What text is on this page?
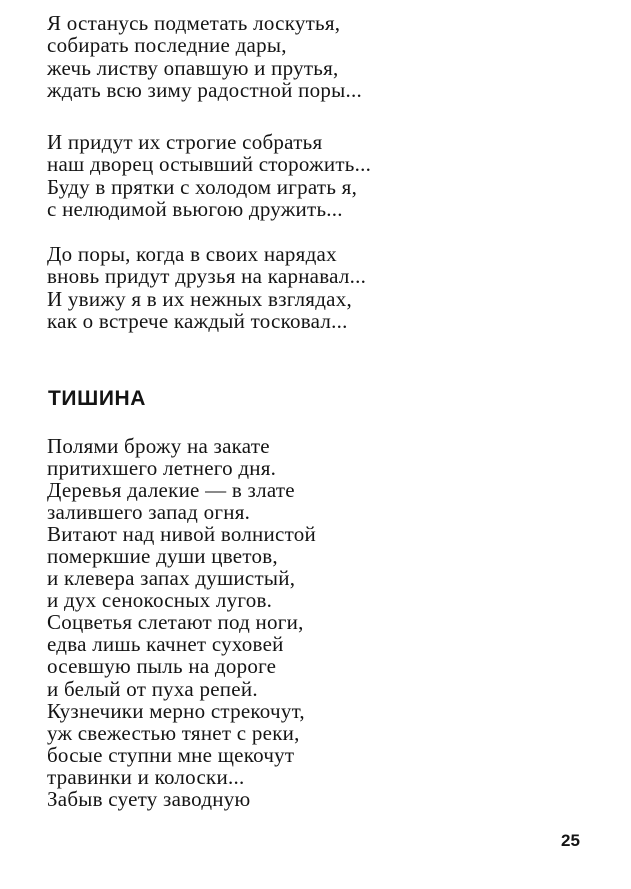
Я останусь подметать лоскутья,
собирать последние дары,
жечь листву опавшую и прутья,
ждать всю зиму радостной поры...
И придут их строгие собратья
наш дворец остывший сторожить...
Буду в прятки с холодом играть я,
с нелюдимой вьюгою дружить...
До поры, когда в своих нарядах
вновь придут друзья на карнавал...
И увижу я в их нежных взглядах,
как о встрече каждый тосковал...
ТИШИНА
Полями брожу на закате
притихшего летнего дня.
Деревья далекие — в злате
залившего запад огня.
Витают над нивой волнистой
померкшие души цветов,
и клевера запах душистый,
и дух сенокосных лугов.
Соцветья слетают под ноги,
едва лишь качнет суховей
осевшую пыль на дороге
и белый от пуха репей.
Кузнечики мерно стрекочут,
уж свежестью тянет с реки,
босые ступни мне щекочут
травинки и колоски...
Забыв суету заводную
25
